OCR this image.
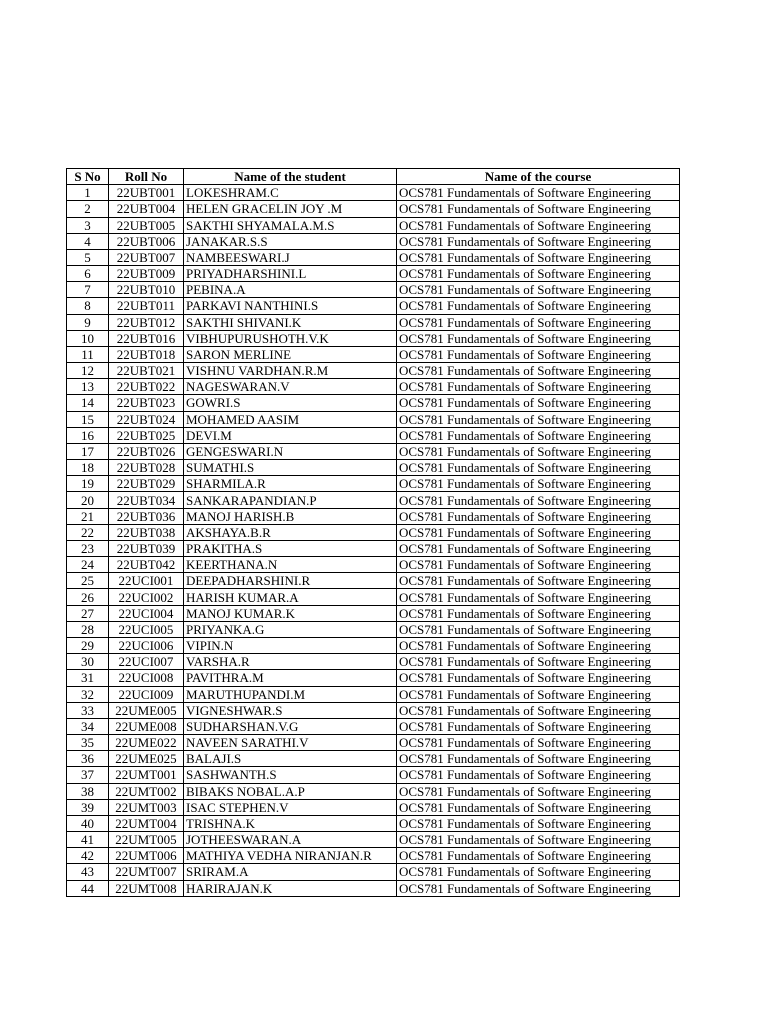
S No	Roll No	Name of the student	Name of the course
1	22UBT001	LOKESHRAM.C	OCS781 Fundamentals of Software Engineering
2	22UBT004	HELEN GRACELIN JOY .M	OCS781 Fundamentals of Software Engineering
3	22UBT005	SAKTHI SHYAMALA.M.S	OCS781 Fundamentals of Software Engineering
4	22UBT006	JANAKAR.S.S	OCS781 Fundamentals of Software Engineering
5	22UBT007	NAMBEESWARI.J	OCS781 Fundamentals of Software Engineering
6	22UBT009	PRIYADHARSHINI.L	OCS781 Fundamentals of Software Engineering
7	22UBT010	PEBINA.A	OCS781 Fundamentals of Software Engineering
8	22UBT011	PARKAVI NANTHINI.S	OCS781 Fundamentals of Software Engineering
9	22UBT012	SAKTHI SHIVANI.K	OCS781 Fundamentals of Software Engineering
10	22UBT016	VIBHUPURUSHOTH.V.K	OCS781 Fundamentals of Software Engineering
11	22UBT018	SARON MERLINE	OCS781 Fundamentals of Software Engineering
12	22UBT021	VISHNU VARDHAN.R.M	OCS781 Fundamentals of Software Engineering
13	22UBT022	NAGESWARAN.V	OCS781 Fundamentals of Software Engineering
14	22UBT023	GOWRI.S	OCS781 Fundamentals of Software Engineering
15	22UBT024	MOHAMED AASIM	OCS781 Fundamentals of Software Engineering
16	22UBT025	DEVI.M	OCS781 Fundamentals of Software Engineering
17	22UBT026	GENGESWARI.N	OCS781 Fundamentals of Software Engineering
18	22UBT028	SUMATHI.S	OCS781 Fundamentals of Software Engineering
19	22UBT029	SHARMILA.R	OCS781 Fundamentals of Software Engineering
20	22UBT034	SANKARAPANDIAN.P	OCS781 Fundamentals of Software Engineering
21	22UBT036	MANOJ HARISH.B	OCS781 Fundamentals of Software Engineering
22	22UBT038	AKSHAYA.B.R	OCS781 Fundamentals of Software Engineering
23	22UBT039	PRAKITHA.S	OCS781 Fundamentals of Software Engineering
24	22UBT042	KEERTHANA.N	OCS781 Fundamentals of Software Engineering
25	22UCI001	DEEPADHARSHINI.R	OCS781 Fundamentals of Software Engineering
26	22UCI002	HARISH KUMAR.A	OCS781 Fundamentals of Software Engineering
27	22UCI004	MANOJ KUMAR.K	OCS781 Fundamentals of Software Engineering
28	22UCI005	PRIYANKA.G	OCS781 Fundamentals of Software Engineering
29	22UCI006	VIPIN.N	OCS781 Fundamentals of Software Engineering
30	22UCI007	VARSHA.R	OCS781 Fundamentals of Software Engineering
31	22UCI008	PAVITHRA.M	OCS781 Fundamentals of Software Engineering
32	22UCI009	MARUTHUPANDI.M	OCS781 Fundamentals of Software Engineering
33	22UME005	VIGNESHWAR.S	OCS781 Fundamentals of Software Engineering
34	22UME008	SUDHARSHAN.V.G	OCS781 Fundamentals of Software Engineering
35	22UME022	NAVEEN SARATHI.V	OCS781 Fundamentals of Software Engineering
36	22UME025	BALAJI.S	OCS781 Fundamentals of Software Engineering
37	22UMT001	SASHWANTH.S	OCS781 Fundamentals of Software Engineering
38	22UMT002	BIBAKS NOBAL.A.P	OCS781 Fundamentals of Software Engineering
39	22UMT003	ISAC STEPHEN.V	OCS781 Fundamentals of Software Engineering
40	22UMT004	TRISHNA.K	OCS781 Fundamentals of Software Engineering
41	22UMT005	JOTHEESWARAN.A	OCS781 Fundamentals of Software Engineering
42	22UMT006	MATHIYA VEDHA NIRANJAN.R	OCS781 Fundamentals of Software Engineering
43	22UMT007	SRIRAM.A	OCS781 Fundamentals of Software Engineering
44	22UMT008	HARIRAJAN.K	OCS781 Fundamentals of Software Engineering
